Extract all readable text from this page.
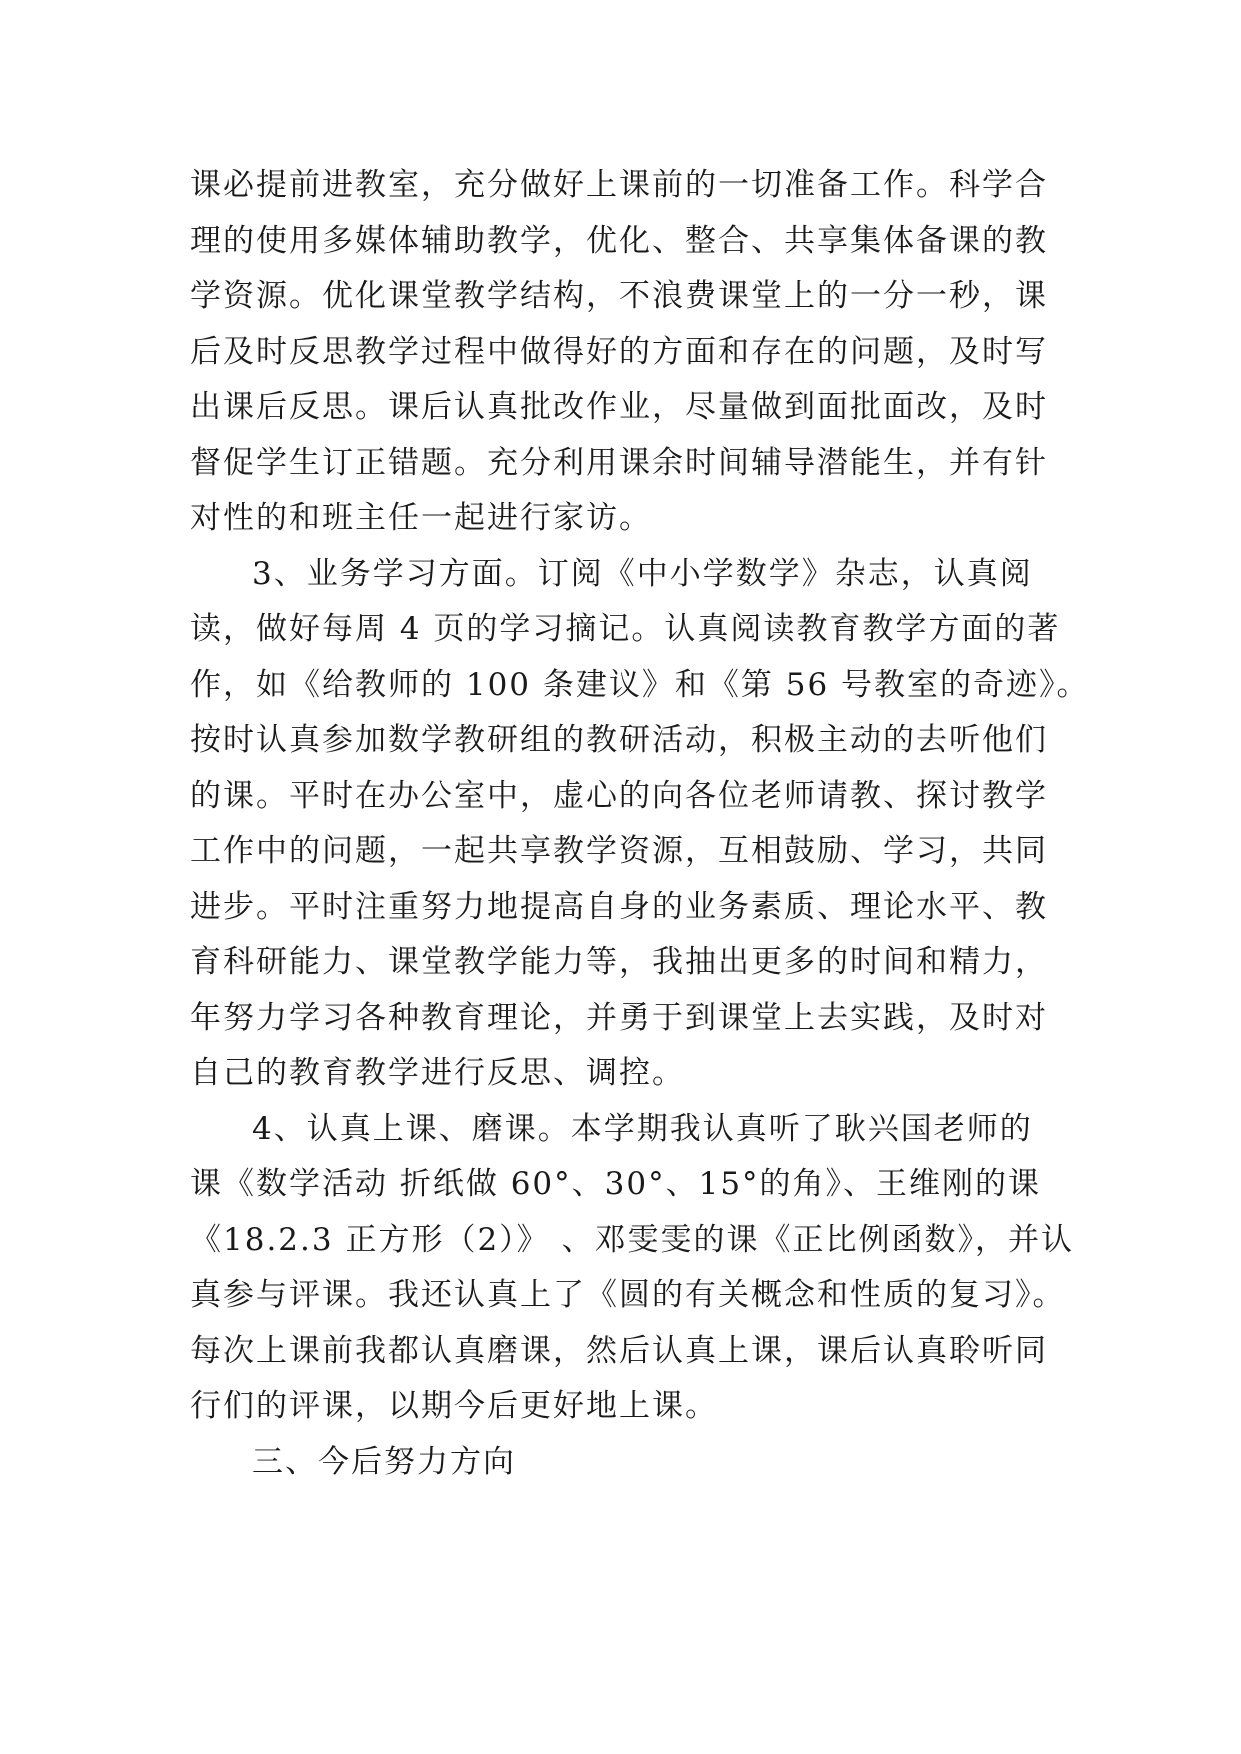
课必提前进教室，充分做好上课前的一切准备工作。科学合
理的使用多媒体辅助教学，优化、整合、共享集体备课的教
学资源。优化课堂教学结构，不浪费课堂上的一分一秒，课
后及时反思教学过程中做得好的方面和存在的问题，及时写
出课后反思。课后认真批改作业，尽量做到面批面改，及时
督促学生订正错题。充分利用课余时间辅导潜能生，并有针
对性的和班主任一起进行家访。
3、业务学习方面。订阅《中小学数学》杂志，认真阅
读，做好每周 4 页的学习摘记。认真阅读教育教学方面的著
作，如《给教师的 100 条建议》和《第 56 号教室的奇迹》。
按时认真参加数学教研组的教研活动，积极主动的去听他们
的课。平时在办公室中，虚心的向各位老师请教、探讨教学
工作中的问题，一起共享教学资源，互相鼓励、学习，共同
进步。平时注重努力地提高自身的业务素质、理论水平、教
育科研能力、课堂教学能力等，我抽出更多的时间和精力，
年努力学习各种教育理论，并勇于到课堂上去实践，及时对
自己的教育教学进行反思、调控。
4、认真上课、磨课。本学期我认真听了耿兴国老师的
课《数学活动 折纸做 60°、30°、15°的角》、王维刚的课
《18.2.3 正方形（2）》 、邓雯雯的课《正比例函数》，并认
真参与评课。我还认真上了《圆的有关概念和性质的复习》。
每次上课前我都认真磨课，然后认真上课，课后认真聆听同
行们的评课，以期今后更好地上课。
三、今后努力方向
